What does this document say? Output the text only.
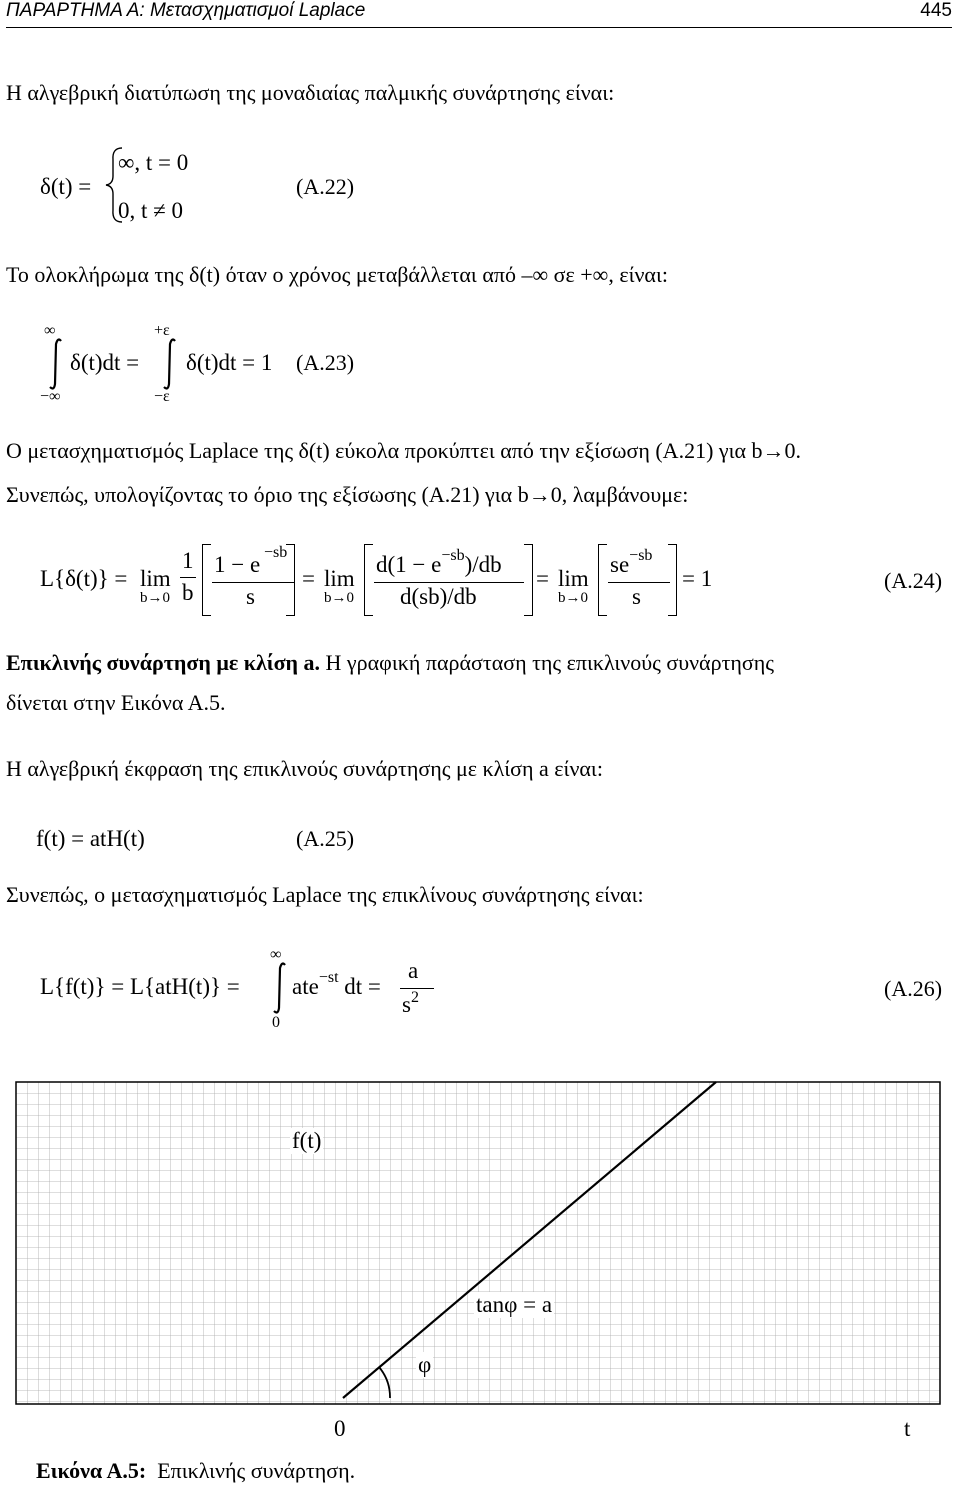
ΠΑΡΑΡΤΗΜΑ Α: Μετασχηματισμοί Laplace	445
Η αλγεβρική διατύπωση της μοναδιαίας παλμικής συνάρτησης είναι:
δ(t) =
∞, t = 0
0, t ≠ 0
(Α.22)
Το ολοκλήρωμα της δ(t) όταν ο χρόνος μεταβάλλεται από –∞ σε +∞, είναι:
∞
−∞
δ(t)dt =
+ε
−ε
δ(t)dt = 1 (Α.23)
Ο μετασχηματισμός Laplace της δ(t) εύκολα προκύπτει από την εξίσωση (Α.21) για b→0.
Συνεπώς, υπολογίζοντας το όριο της εξίσωσης (Α.21) για b→0, λαμβάνουμε:
L{δ(t)} = lim
b→0
1
b
1 − e −sb
s
= lim
b→0
$d(1 - e^{-sb})/db$
d(sb)/db
= lim
b→0
$se^{-sb}$
s
= 1	(Α.24)
Επικλινής συνάρτηση με κλίση a. Η γραφική παράσταση της επικλινούς συνάρτησης
δίνεται στην Εικόνα Α.5.
Η αλγεβρική έκφραση της επικλινούς συνάρτησης με κλίση a είναι:
f(t) = atH(t)	(Α.25)
Συνεπώς, ο μετασχηματισμός Laplace της επικλίνους συνάρτησης είναι:
L{f(t)} = L{atH(t)} =
∞
0
ate$^{-st}$ dt =
a
$s^2$	(Α.26)
f(t)
tanφ = a
φ
0	t
Εικόνα Α.5: Επικλινής συνάρτηση.
